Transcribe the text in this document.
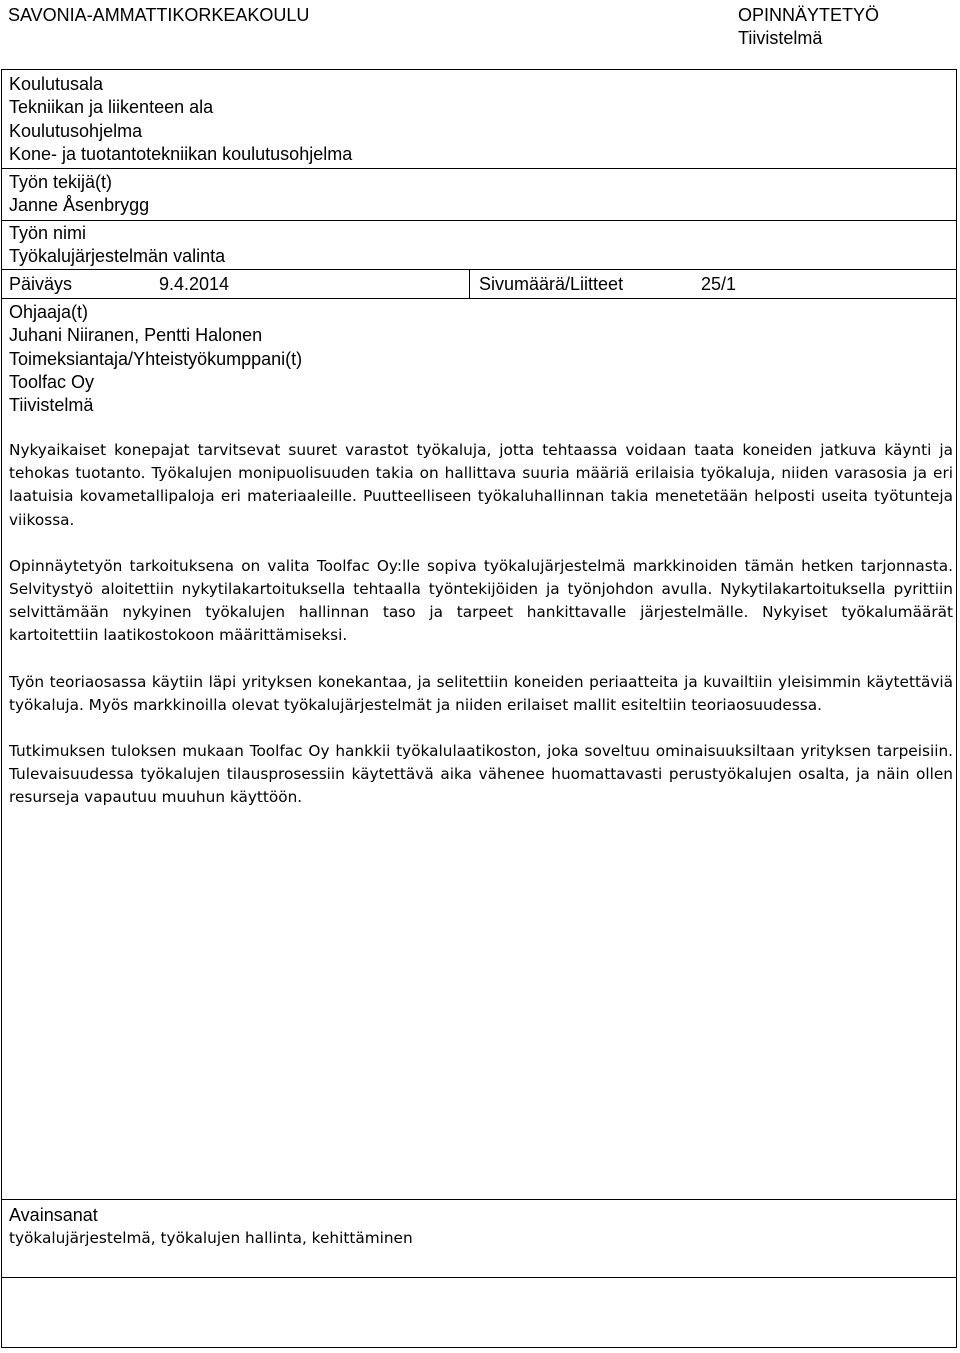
SAVONIA-AMMATTIKORKEAKOULU	OPINNÄYTETYÖ
Tiivistelmä
Koulutusala
Tekniikan ja liikenteen ala
Koulutusohjelma
Kone- ja tuotantotekniikan koulutusohjelma
Työn tekijä(t)
Janne Åsenbrygg
Työn nimi
Työkalujärjestelmän valinta
Päiväys	9.4.2014	Sivumäärä/Liitteet	25/1
Ohjaaja(t)
Juhani Niiranen, Pentti Halonen
Toimeksiantaja/Yhteistyökumppani(t)
Toolfac Oy
Tiivistelmä

Nykyaikaiset konepajat tarvitsevat suuret varastot työkaluja, jotta tehtaassa voidaan taata koneiden jatkuva käynti ja tehokas tuotanto. Työkalujen monipuolisuuden takia on hallittava suuria määriä erilaisia työkaluja, niiden varasosia ja eri laatuisia kovametallipaloja eri materiaaleille. Puutteelliseen työkaluhallinnan takia menetetään helposti useita työtunteja viikossa.

Opinnäytetyön tarkoituksena on valita Toolfac Oy:lle sopiva työkalujärjestelmä markkinoiden tämän hetken tarjonnasta. Selvitystyö aloitettiin nykytilakartoituksella tehtaalla työntekijöiden ja työnjohdon avulla. Nykytilakartoituksella pyrittiin selvittämään nykyinen työkalujen hallinnan taso ja tarpeet hankittavalle järjestelmälle. Nykyiset työkalumäärät kartoitettiin laatikostokoon määrittämiseksi.

Työn teoriaosassa käytiin läpi yrityksen konekantaa, ja selitettiin koneiden periaatteita ja kuvailtiin yleisimmin käytettäviä työkaluja. Myös markkinoilla olevat työkalujärjestelmät ja niiden erilaiset mallit esiteltiin teoriaosuudessa.

Tutkimuksen tuloksen mukaan Toolfac Oy hankkii työkalulaatikoston, joka soveltuu ominaisuuksiltaan yrityksen tarpeisiin. Tulevaisuudessa työkalujen tilausprosessiin käytettävä aika vähenee huomattavasti perustyökalujen osalta, ja näin ollen resurseja vapautuu muuhun käyttöön.

Avainsanat
työkalujärjestelmä, työkalujen hallinta, kehittäminen
